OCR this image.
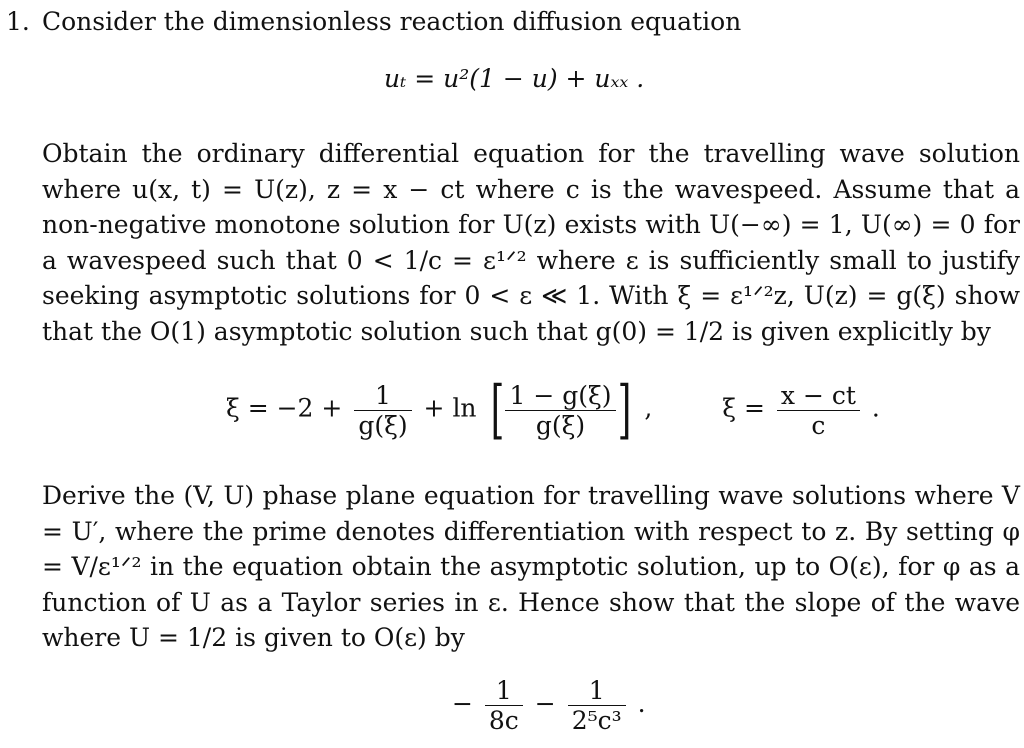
1. Consider the dimensionless reaction diffusion equation
uₜ = u²(1 − u) + uₓₓ .

Obtain the ordinary differential equation for the travelling wave solution where u(x, t) = U(z), z = x − ct where c is the wavespeed. Assume that a non-negative monotone solution for U(z) exists with U(−∞) = 1, U(∞) = 0 for a wavespeed such that 0 < 1/c = ε¹ᐟ² where ε is sufficiently small to justify seeking asymptotic solutions for 0 < ε ≪ 1. With ξ = ε¹ᐟ²z, U(z) = g(ξ) show that the O(1) asymptotic solution such that g(0) = 1/2 is given explicitly by

$\xi = -2 + \frac{1}{g(\xi)} + \ln$ [ $\frac{1 - g(\xi)}{g(\xi)}$ ] ,	$\xi = \frac{x - ct}{c}$ .

Derive the (V, U) phase plane equation for travelling wave solutions where V = U′, where the prime denotes differentiation with respect to z. By setting φ = V/ε¹ᐟ² in the equation obtain the asymptotic solution, up to O(ε), for φ as a function of U as a Taylor series in ε. Hence show that the slope of the wave where U = 1/2 is given to O(ε) by

− $\frac{1}{8c} - \frac{1}{\text{2⁵c³}}$ .
